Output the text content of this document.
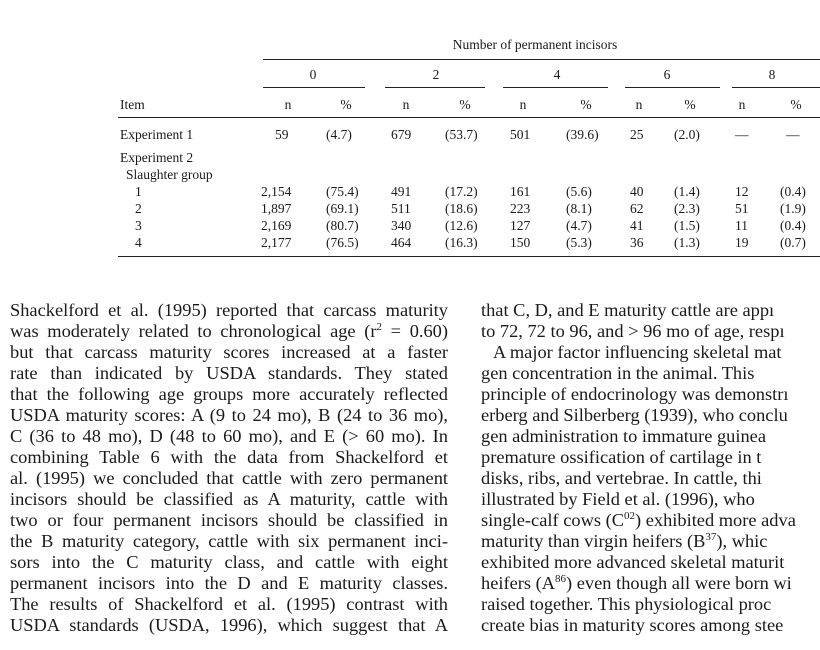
Number of permanent incisors
0	2	4	6	8
Item	n	%	n	%	n	%	n	%	n	%
Experiment 1	59	(4.7)	679	(53.7) 501	(39.6) 25 (2.0)	—	—
Experiment 2
Slaughter group
1	2,154	(75.4) 491	(17.2) 161	(5.6)	40 (1.4)	12 (0.4)
2	1,897	(69.1) 511	(18.6) 223	(8.1)	62 (2.3)	51 (1.9)
3	2,169	(80.7) 340	(12.6) 127	(4.7)	41 (1.5)	11 (0.4)
4	2,177	(76.5) 464	(16.3) 150	(5.3)	36 (1.3)	19 (0.7)

Shackelford et al. (1995) reported that carcass maturity

was moderately related to chronological age $(r^2 = 0.60)$

but that carcass maturity scores increased at a faster

rate than indicated by USDA standards. They stated

that the following age groups more accurately reflected

USDA maturity scores: A (9 to 24 mo), B (24 to 36 mo),

C (36 to 48 mo), D (48 to 60 mo), and E (> 60 mo). In

combining Table 6 with the data from Shackelford et

al. (1995) we concluded that cattle with zero permanent

incisors should be classified as A maturity, cattle with

two or four permanent incisors should be classified in

the B maturity category, cattle with six permanent inci-

sors into the C maturity class, and cattle with eight

permanent incisors into the D and E maturity classes.

The results of Shackelford et al. (1995) contrast with

USDA standards (USDA, 1996), which suggest that A

that C, D, and E maturity cattle are appı

to 72, 72 to 96, and > 96 mo of age, respı

A major factor influencing skeletal mat

gen concentration in the animal. This

principle of endocrinology was demonstrı

erberg and Silberberg (1939), who conclu

gen administration to immature guinea

premature ossification of cartilage in t

disks, ribs, and vertebrae. In cattle, thi

illustrated by Field et al. (1996), who

single-calf cows $(C^{02})$ exhibited more adva

maturity than virgin heifers $(B^{37})$, whic

exhibited more advanced skeletal maturit

heifers $(A^{86})$ even though all were born wi

raised together. This physiological proc

create bias in maturity scores among stee
